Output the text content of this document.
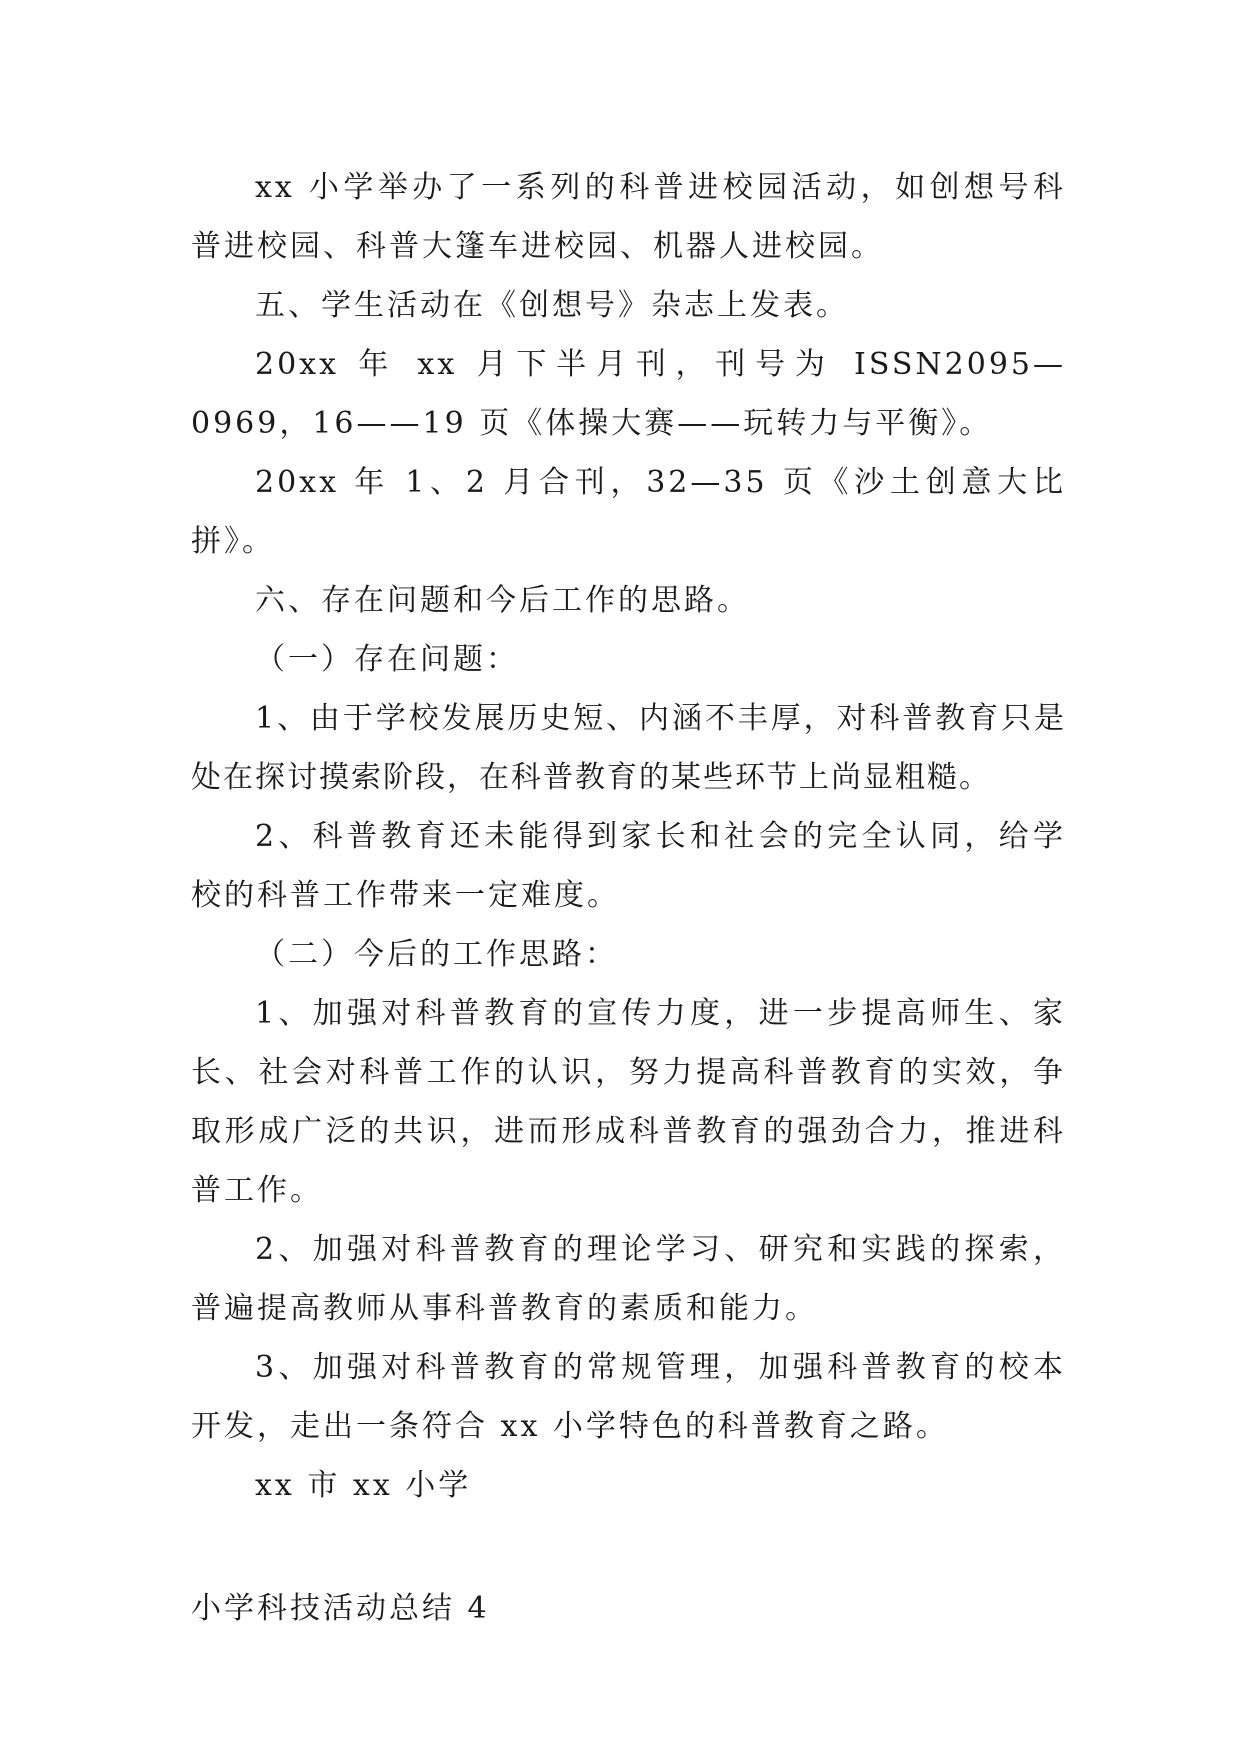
xx 小学举办了一系列的科普进校园活动，如创想号科普进校园、科普大篷车进校园、机器人进校园。

五、学生活动在《创想号》杂志上发表。

20xx 年 xx 月下半月刊，刊号为 ISSN2095—0969，16——19 页《体操大赛——玩转力与平衡》。

20xx 年 1、2 月合刊，32—35 页《沙土创意大比拼》。

六、存在问题和今后工作的思路。

（一）存在问题：

1、由于学校发展历史短、内涵不丰厚，对科普教育只是处在探讨摸索阶段，在科普教育的某些环节上尚显粗糙。

2、科普教育还未能得到家长和社会的完全认同，给学校的科普工作带来一定难度。

（二）今后的工作思路：

1、加强对科普教育的宣传力度，进一步提高师生、家长、社会对科普工作的认识，努力提高科普教育的实效，争取形成广泛的共识，进而形成科普教育的强劲合力，推进科普工作。

2、加强对科普教育的理论学习、研究和实践的探索，普遍提高教师从事科普教育的素质和能力。

3、加强对科普教育的常规管理，加强科普教育的校本开发，走出一条符合 xx 小学特色的科普教育之路。

xx 市 xx 小学

小学科技活动总结 4
